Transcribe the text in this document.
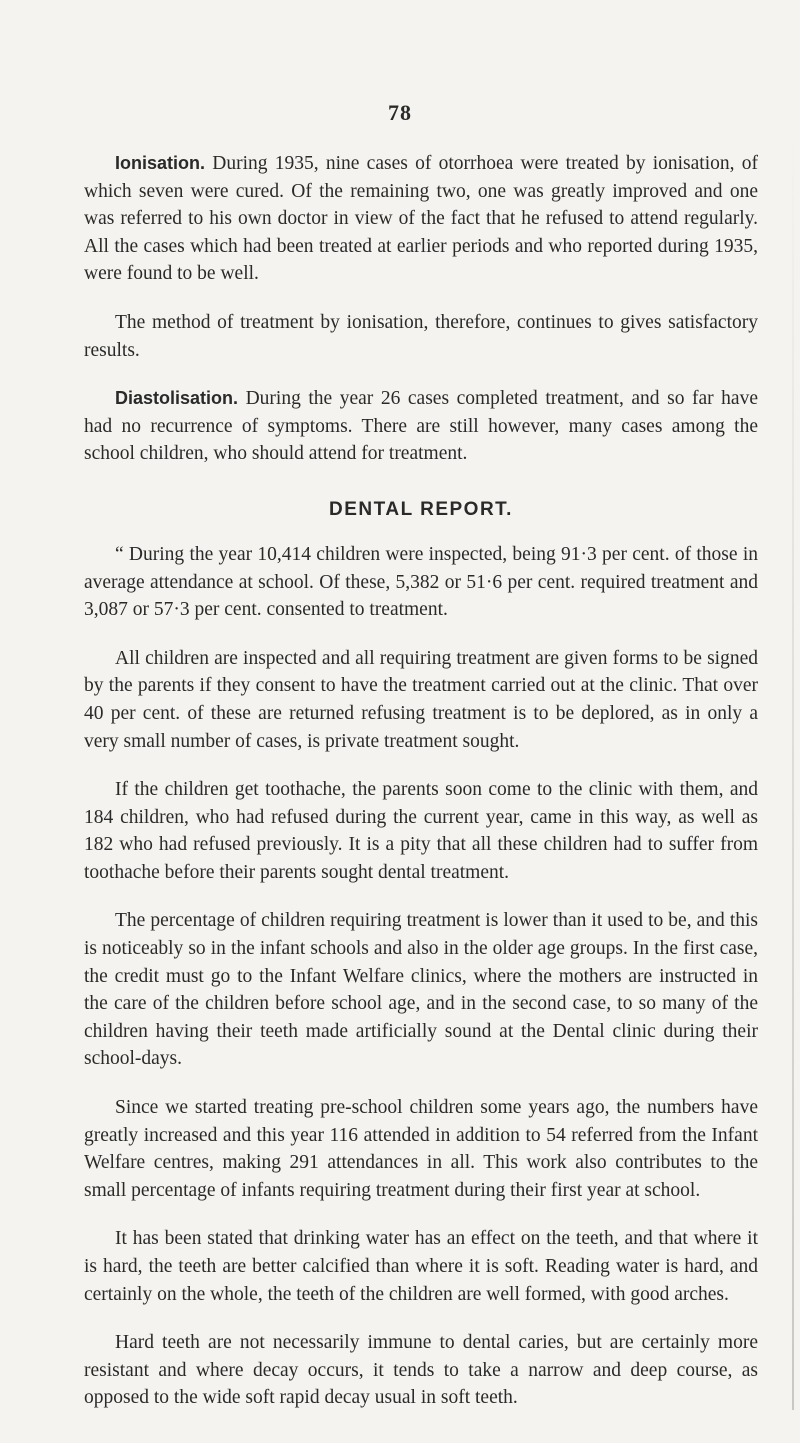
78

Ionisation. During 1935, nine cases of otorrhoea were treated by ionisation, of which seven were cured. Of the remaining two, one was greatly improved and one was referred to his own doctor in view of the fact that he refused to attend regularly. All the cases which had been treated at earlier periods and who reported during 1935, were found to be well.

The method of treatment by ionisation, therefore, continues to gives satisfactory results.

Diastolisation. During the year 26 cases completed treatment, and so far have had no recurrence of symptoms. There are still however, many cases among the school children, who should attend for treatment.

DENTAL REPORT.

“ During the year 10,414 children were inspected, being 91·3 per cent. of those in average attendance at school. Of these, 5,382 or 51·6 per cent. required treatment and 3,087 or 57·3 per cent. consented to treatment.

All children are inspected and all requiring treatment are given forms to be signed by the parents if they consent to have the treatment carried out at the clinic. That over 40 per cent. of these are returned refusing treatment is to be deplored, as in only a very small number of cases, is private treatment sought.

If the children get toothache, the parents soon come to the clinic with them, and 184 children, who had refused during the current year, came in this way, as well as 182 who had refused previously. It is a pity that all these children had to suffer from toothache before their parents sought dental treatment.

The percentage of children requiring treatment is lower than it used to be, and this is noticeably so in the infant schools and also in the older age groups. In the first case, the credit must go to the Infant Welfare clinics, where the mothers are instructed in the care of the children before school age, and in the second case, to so many of the children having their teeth made artificially sound at the Dental clinic during their school-days.

Since we started treating pre-school children some years ago, the numbers have greatly increased and this year 116 attended in addition to 54 referred from the Infant Welfare centres, making 291 attendances in all. This work also contributes to the small percentage of infants requiring treatment during their first year at school.

It has been stated that drinking water has an effect on the teeth, and that where it is hard, the teeth are better calcified than where it is soft. Reading water is hard, and certainly on the whole, the teeth of the children are well formed, with good arches.

Hard teeth are not necessarily immune to dental caries, but are certainly more resistant and where decay occurs, it tends to take a narrow and deep course, as opposed to the wide soft rapid decay usual in soft teeth.
